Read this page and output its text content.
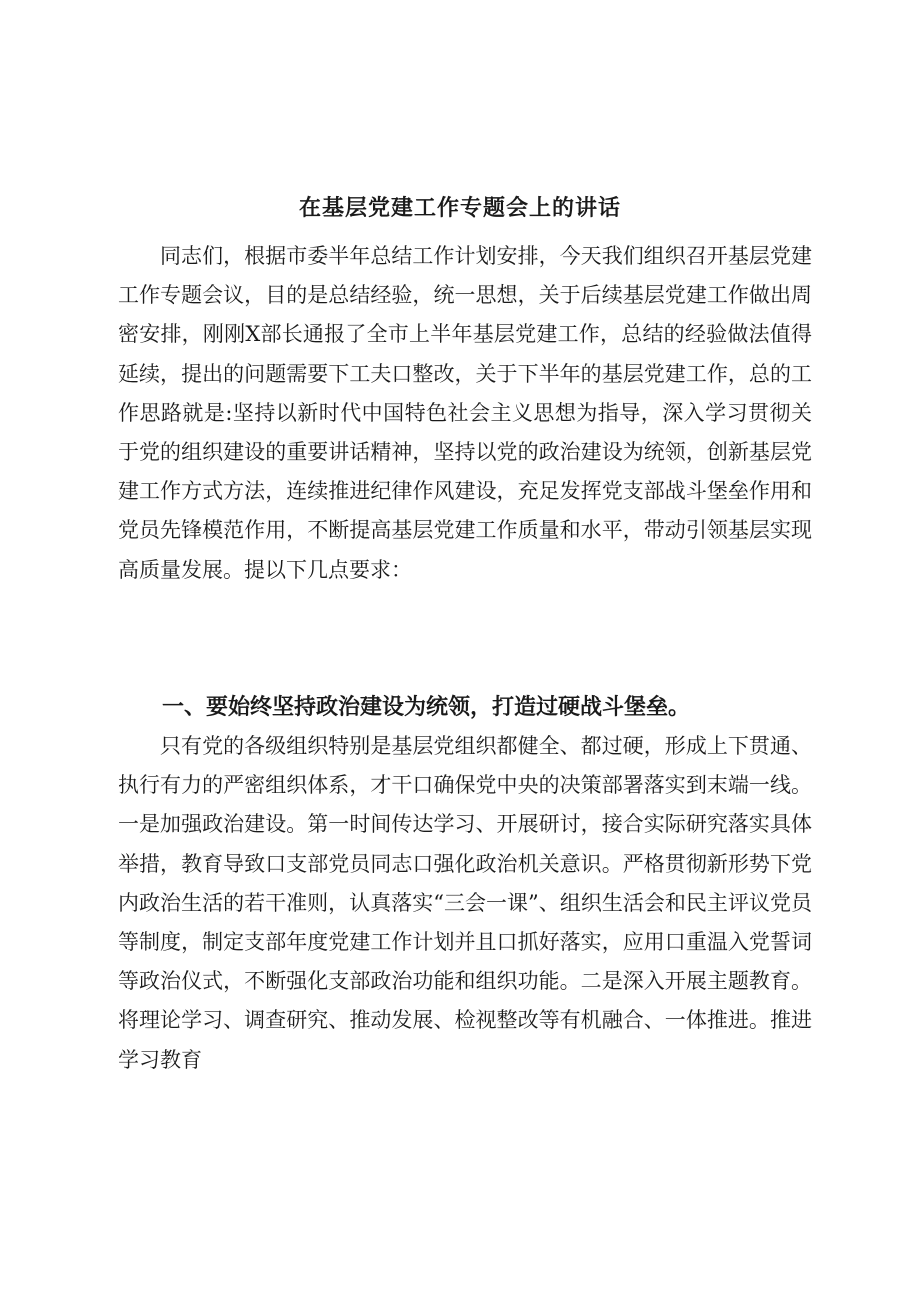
在基层党建工作专题会上的讲话

同志们，根据市委半年总结工作计划安排，今天我们组织召开基层党建工作专题会议，目的是总结经验，统一思想，关于后续基层党建工作做出周密安排，刚刚X部长通报了全市上半年基层党建工作，总结的经验做法值得延续，提出的问题需要下工夫口整改，关于下半年的基层党建工作，总的工作思路就是:坚持以新时代中国特色社会主义思想为指导，深入学习贯彻关于党的组织建设的重要讲话精神，坚持以党的政治建设为统领，创新基层党建工作方式方法，连续推进纪律作风建设，充足发挥党支部战斗堡垒作用和党员先锋模范作用，不断提高基层党建工作质量和水平，带动引领基层实现高质量发展。提以下几点要求：

一、要始终坚持政治建设为统领，打造过硬战斗堡垒。

只有党的各级组织特别是基层党组织都健全、都过硬，形成上下贯通、执行有力的严密组织体系，才干口确保党中央的决策部署落实到末端一线。一是加强政治建设。第一时间传达学习、开展研讨，接合实际研究落实具体举措，教育导致口支部党员同志口强化政治机关意识。严格贯彻新形势下党内政治生活的若干准则，认真落实“三会一课”、组织生活会和民主评议党员等制度，制定支部年度党建工作计划并且口抓好落实，应用口重温入党誓词等政治仪式，不断强化支部政治功能和组织功能。二是深入开展主题教育。将理论学习、调查研究、推动发展、检视整改等有机融合、一体推进。推进学习教育
